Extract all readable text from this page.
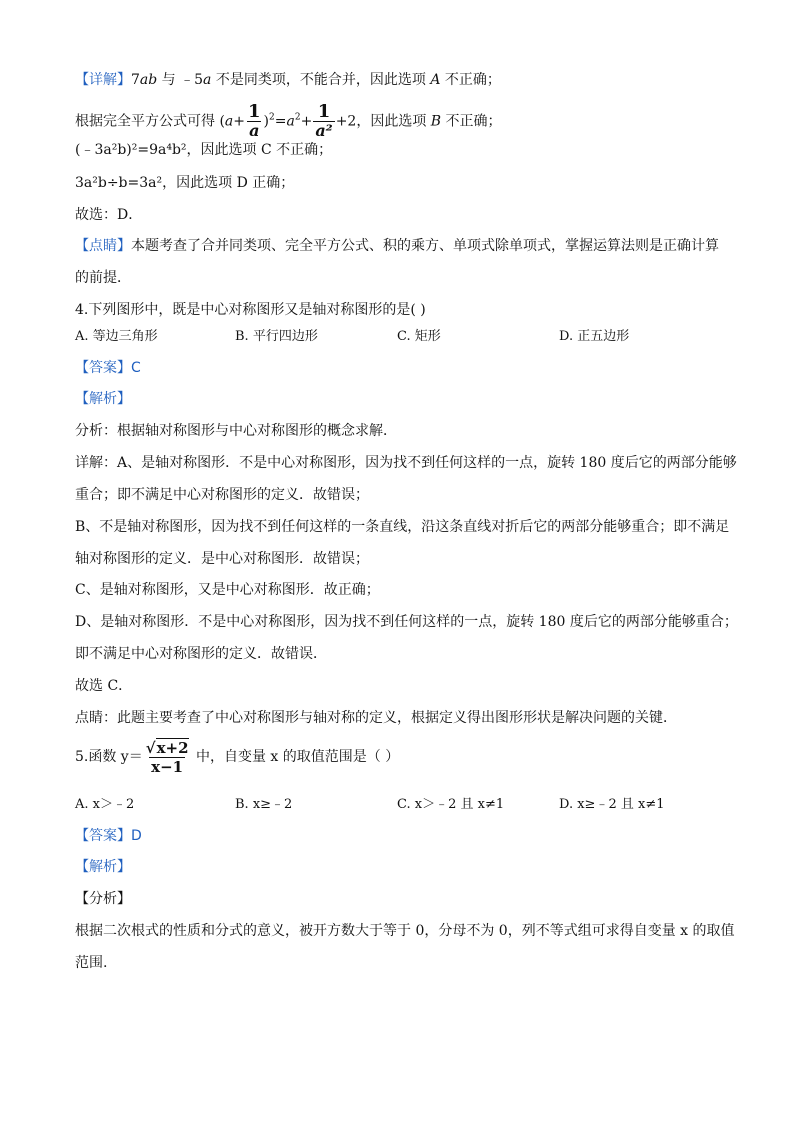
【详解】7ab 与 ﹣5a 不是同类项，不能合并，因此选项 A 不正确；
根据完全平方公式可得 $(a+ \frac{1}{a} )^2=a^2+ \frac{1}{\text{a²}} +2$，因此选项 B 不正确；
(﹣3a²b)²=9a⁴b²，因此选项 C 不正确；
3a²b÷b=3a²，因此选项 D 正确；
故选：D．
【点睛】本题考查了合并同类项、完全平方公式、积的乘方、单项式除单项式，掌握运算法则是正确计算
的前提．
4.下列图形中，既是中心对称图形又是轴对称图形的是( )
A. 等边三角形	B. 平行四边形	C. 矩形	D. 正五边形
【答案】C
【解析】
分析：根据轴对称图形与中心对称图形的概念求解．
详解：A、是轴对称图形．不是中心对称图形，因为找不到任何这样的一点，旋转 180 度后它的两部分能够
重合；即不满足中心对称图形的定义．故错误；
B、不是轴对称图形，因为找不到任何这样的一条直线，沿这条直线对折后它的两部分能够重合；即不满足
轴对称图形的定义．是中心对称图形．故错误；
C、是轴对称图形，又是中心对称图形．故正确；
D、是轴对称图形．不是中心对称图形，因为找不到任何这样的一点，旋转 180 度后它的两部分能够重合；
即不满足中心对称图形的定义．故错误．
故选 C．
点睛：此题主要考查了中心对称图形与轴对称的定义，根据定义得出图形形状是解决问题的关键．
5.函数 $y= \frac{√x+2}{x-1}$ 中，自变量 x 的取值范围是（ ）
A. x＞﹣2	B. x≥﹣2	C. x＞﹣2 且 x≠1	D. x≥﹣2 且 x≠1
【答案】D
【解析】
【分析】
根据二次根式的性质和分式的意义，被开方数大于等于 0，分母不为 0，列不等式组可求得自变量 x 的取值
范围.
